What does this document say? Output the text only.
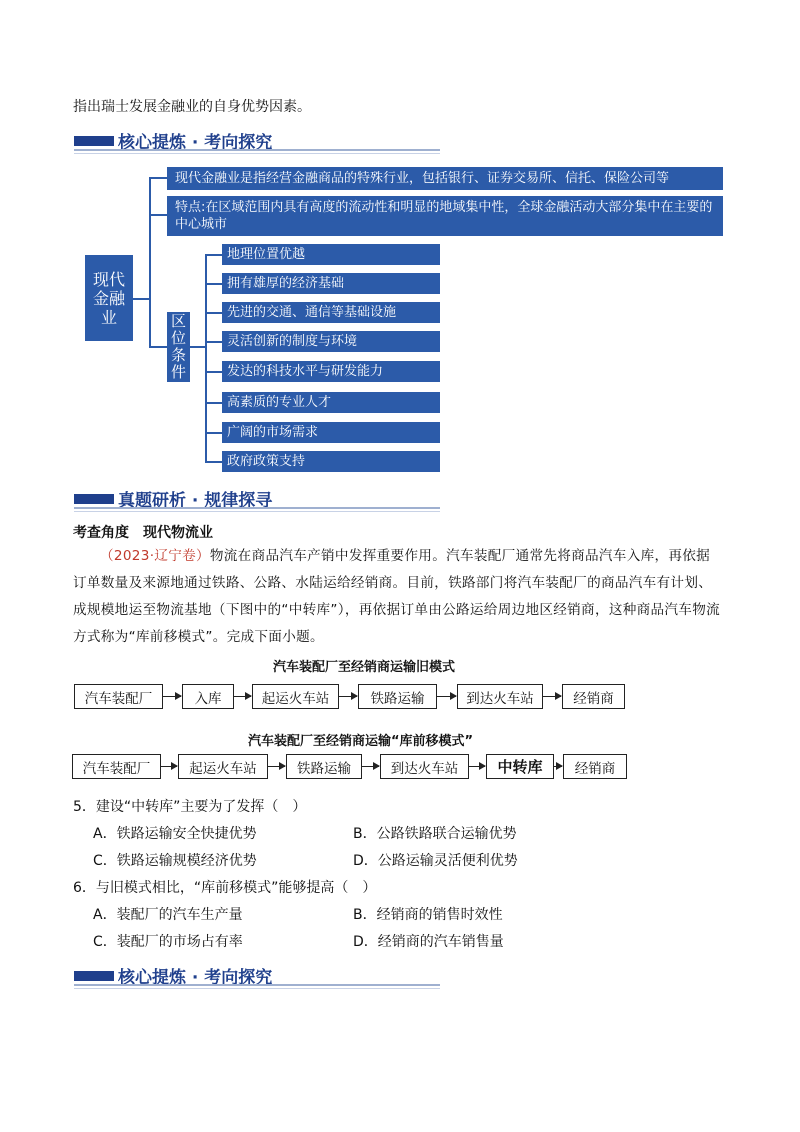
指出瑞士发展金融业的自身优势因素。
核心提炼 · 考向探究
现代金融业
现代金融业是指经营金融商品的特殊行业，包括银行、证券交易所、信托、保险公司等
特点:在区域范围内具有高度的流动性和明显的地域集中性，全球金融活动大部分集中在主要的中心城市
区位条件
地理位置优越
拥有雄厚的经济基础
先进的交通、通信等基础设施
灵活创新的制度与环境
发达的科技水平与研发能力
高素质的专业人才
广阔的市场需求
政府政策支持
真题研析 · 规律探寻
考查角度 现代物流业
（2023·辽宁卷）物流在商品汽车产销中发挥重要作用。汽车装配厂通常先将商品汽车入库，再依据订单数量及来源地通过铁路、公路、水陆运给经销商。目前，铁路部门将汽车装配厂的商品汽车有计划、成规模地运至物流基地（下图中的“中转库”），再依据订单由公路运给周边地区经销商，这种商品汽车物流方式称为“库前移模式”。完成下面小题。
汽车装配厂至经销商运输旧模式
汽车装配厂	入库	起运火车站	铁路运输	到达火车站	经销商
汽车装配厂至经销商运输“库前移模式”
汽车装配厂	起运火车站	铁路运输	到达火车站	中转库	经销商
5．建设“中转库”主要为了发挥（　）
A．铁路运输安全快捷优势	B．公路铁路联合运输优势
C．铁路运输规模经济优势	D．公路运输灵活便利优势
6．与旧模式相比，“库前移模式”能够提高（　）
A．装配厂的汽车生产量	B．经销商的销售时效性
C．装配厂的市场占有率	D．经销商的汽车销售量
核心提炼 · 考向探究
